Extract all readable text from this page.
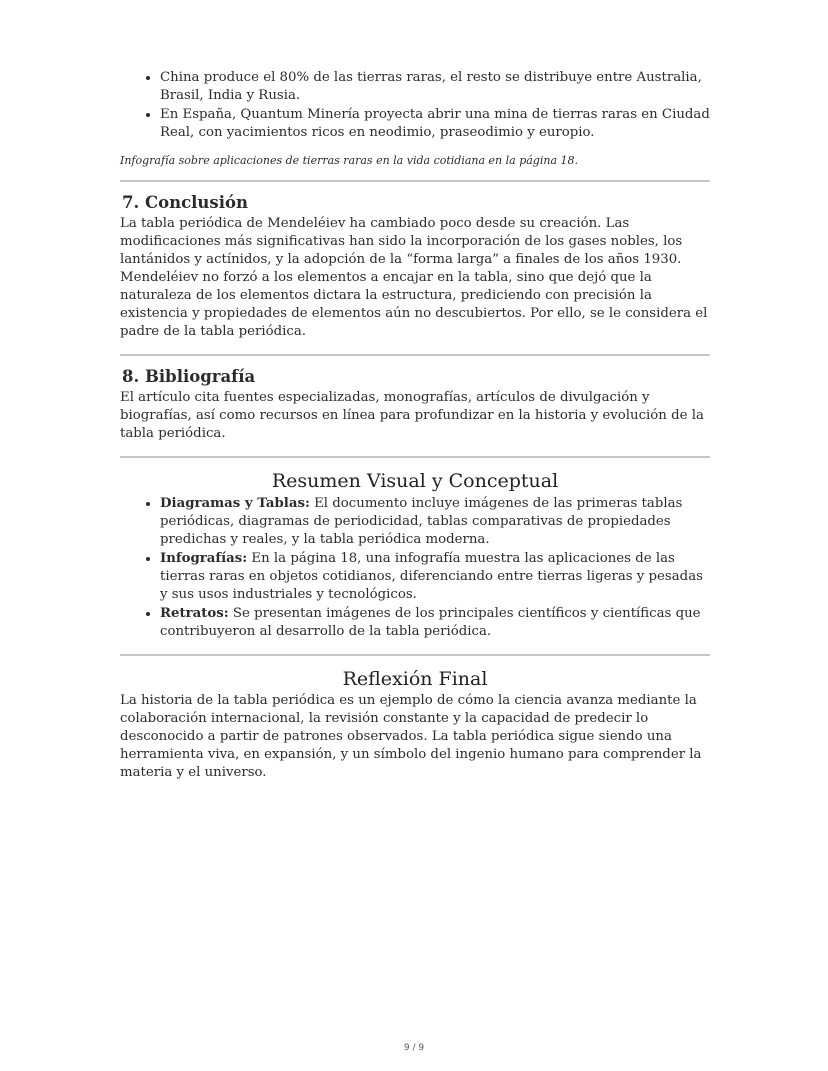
• China produce el 80% de las tierras raras, el resto se distribuye entre Australia, Brasil, India y Rusia.
• En España, Quantum Minería proyecta abrir una mina de tierras raras en Ciudad Real, con yacimientos ricos en neodimio, praseodimio y europio.
Infografía sobre aplicaciones de tierras raras en la vida cotidiana en la página 18.
7. Conclusión

La tabla periódica de Mendeléiev ha cambiado poco desde su creación. Las modificaciones más significativas han sido la incorporación de los gases nobles, los lantánidos y actínidos, y la adopción de la “forma larga” a finales de los años 1930. Mendeléiev no forzó a los elementos a encajar en la tabla, sino que dejó que la naturaleza de los elementos dictara la estructura, prediciendo con precisión la existencia y propiedades de elementos aún no descubiertos. Por ello, se le considera el padre de la tabla periódica.

8. Bibliografía

El artículo cita fuentes especializadas, monografías, artículos de divulgación y biografías, así como recursos en línea para profundizar en la historia y evolución de la tabla periódica.

Resumen Visual y Conceptual
• Diagramas y Tablas: El documento incluye imágenes de las primeras tablas periódicas, diagramas de periodicidad, tablas comparativas de propiedades predichas y reales, y la tabla periódica moderna.
• Infografías: En la página 18, una infografía muestra las aplicaciones de las tierras raras en objetos cotidianos, diferenciando entre tierras ligeras y pesadas y sus usos industriales y tecnológicos.
• Retratos: Se presentan imágenes de los principales científicos y científicas que contribuyeron al desarrollo de la tabla periódica.
Reflexión Final

La historia de la tabla periódica es un ejemplo de cómo la ciencia avanza mediante la colaboración internacional, la revisión constante y la capacidad de predecir lo desconocido a partir de patrones observados. La tabla periódica sigue siendo una herramienta viva, en expansión, y un símbolo del ingenio humano para comprender la materia y el universo.

9 / 9
